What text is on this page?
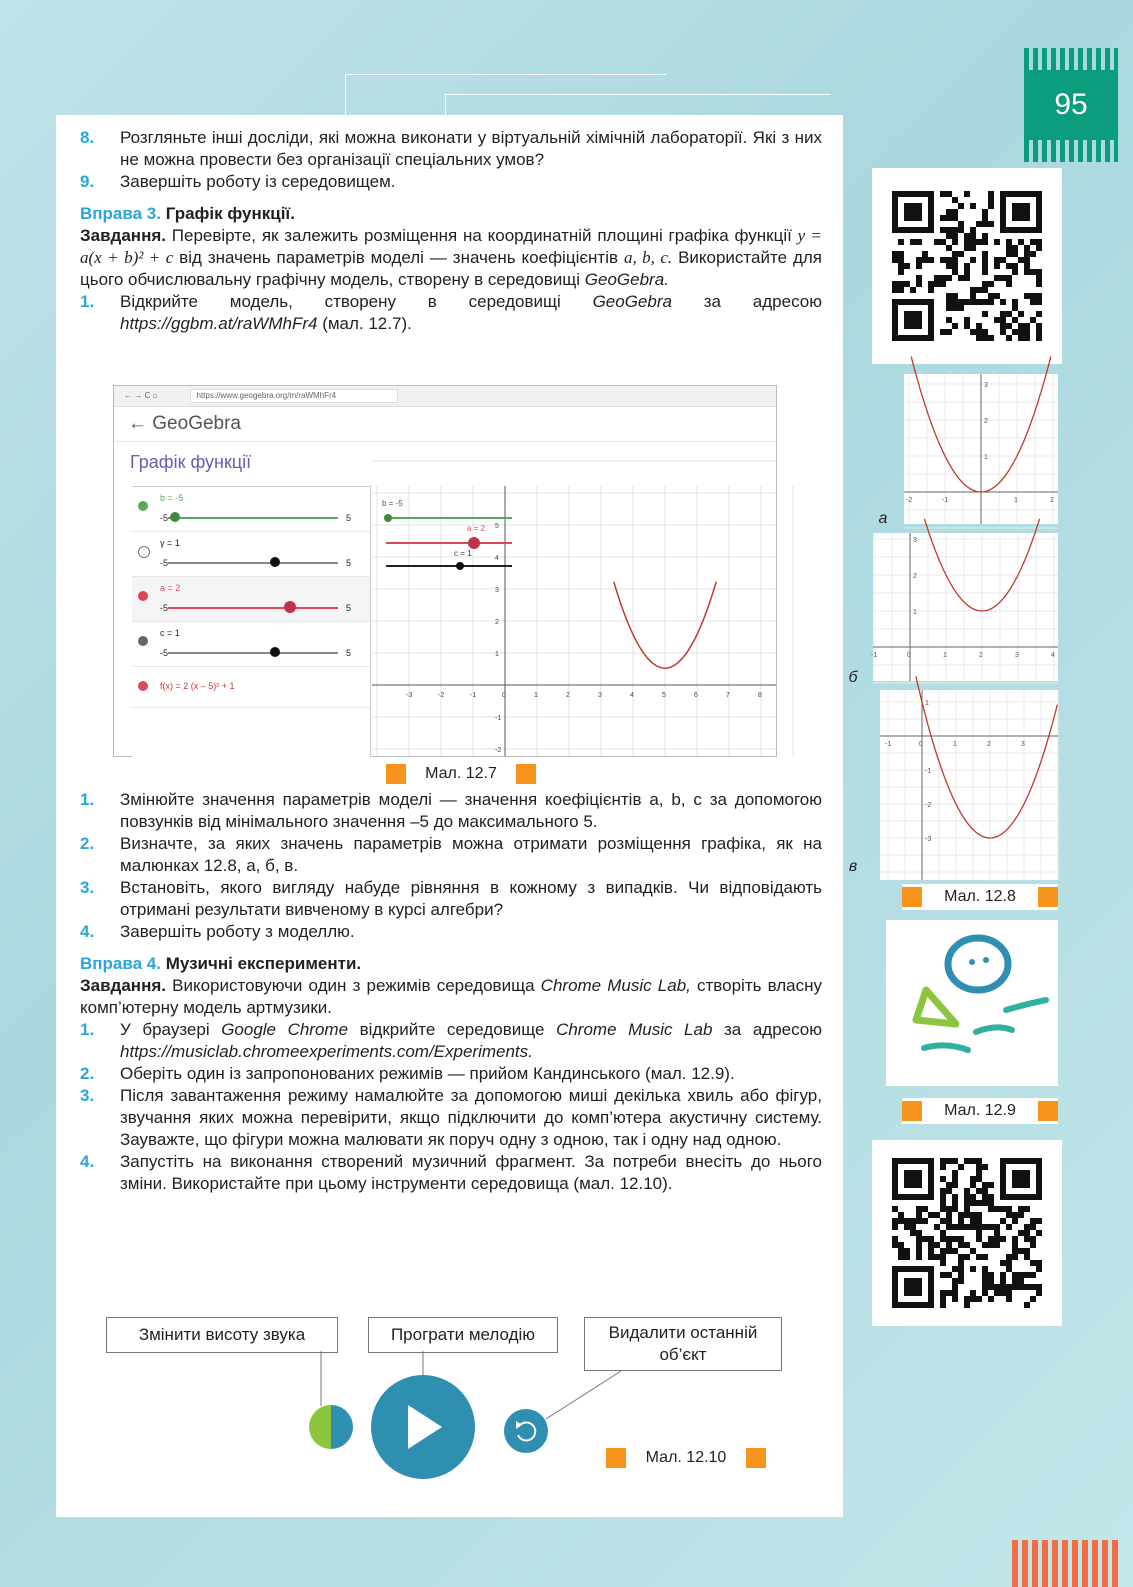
95

8. Розгляньте інші досліди, які можна виконати у віртуальній хімічній лабораторії. Які з них не можна провести без організації спеціальних умов?

9. Завершіть роботу із середовищем.

Вправа 3. Графік функції.

Завдання. Перевірте, як залежить розміщення на координатній площині графіка функції y = a(x + b)² + c від значень параметрів моделі — значень коефіцієнтів a, b, c. Використайте для цього обчислювальну графічну модель, створену в середовищі GeoGebra.

1. Відкрийте модель, створену в середовищі GeoGebra за адресою https://ggbm.at/raWMhFr4 (мал. 12.7).

← → C ⌂	https://www.geogebra.org/m/raWMhFr4
← GeoGebra
Графік функції
b = -5
-5	5
γ = 1
-5	5
a = 2
-5	5
c = 1
-5	5
f(x) = 2 (x – 5)² + 1
-3	-2	-1	0	1	2	3	4	5	6	7	8
5
4
3
2
1
-1
-2
b = -5
a = 2
c = 1
Мал. 12.7

1. Змінюйте значення параметрів моделі — значення коефіцієнтів a, b, c за допомогою повзунків від мінімального значення –5 до максимального 5.

2. Визначте, за яких значень параметрів можна отримати розміщення графіка, як на малюнках 12.8, а, б, в.

3. Встановіть, якого вигляду набуде рівняння в кожному з випадків. Чи відповідають отримані результати вивченому в курсі алгебри?

4. Завершіть роботу з моделлю.

Вправа 4. Музичні експерименти.

Завдання. Використовуючи один з режимів середовища Chrome Music Lab, створіть власну комп’ютерну модель артмузики.

1. У браузері Google Chrome відкрийте середовище Chrome Music Lab за адресою https://musiclab.chromeexperiments.com/Experiments.

2. Оберіть один із запропонованих режимів — прийом Кандинського (мал. 12.9).

3. Після завантаження режиму намалюйте за допомогою миші декілька хвиль або фігур, звучання яких можна перевірити, якщо підключити до комп’ютера акустичну систему. Зауважте, що фігури можна малювати як поруч одну з одною, так і одну над одною.

4. Запустіть на виконання створений музичний фрагмент. За потреби внесіть до нього зміни. Використайте при цьому інструменти середовища (мал. 12.10).

Змінити висоту звука	Програти мелодію	Видалити останній об’єкт
Мал. 12.10
-2	-1	1	2
1
2
3
а
-1	0	1	2	3	4
1
2
3
б
-1	0	1	2	3
1
-1
-2
-3
в
Мал. 12.8
Мал. 12.9
